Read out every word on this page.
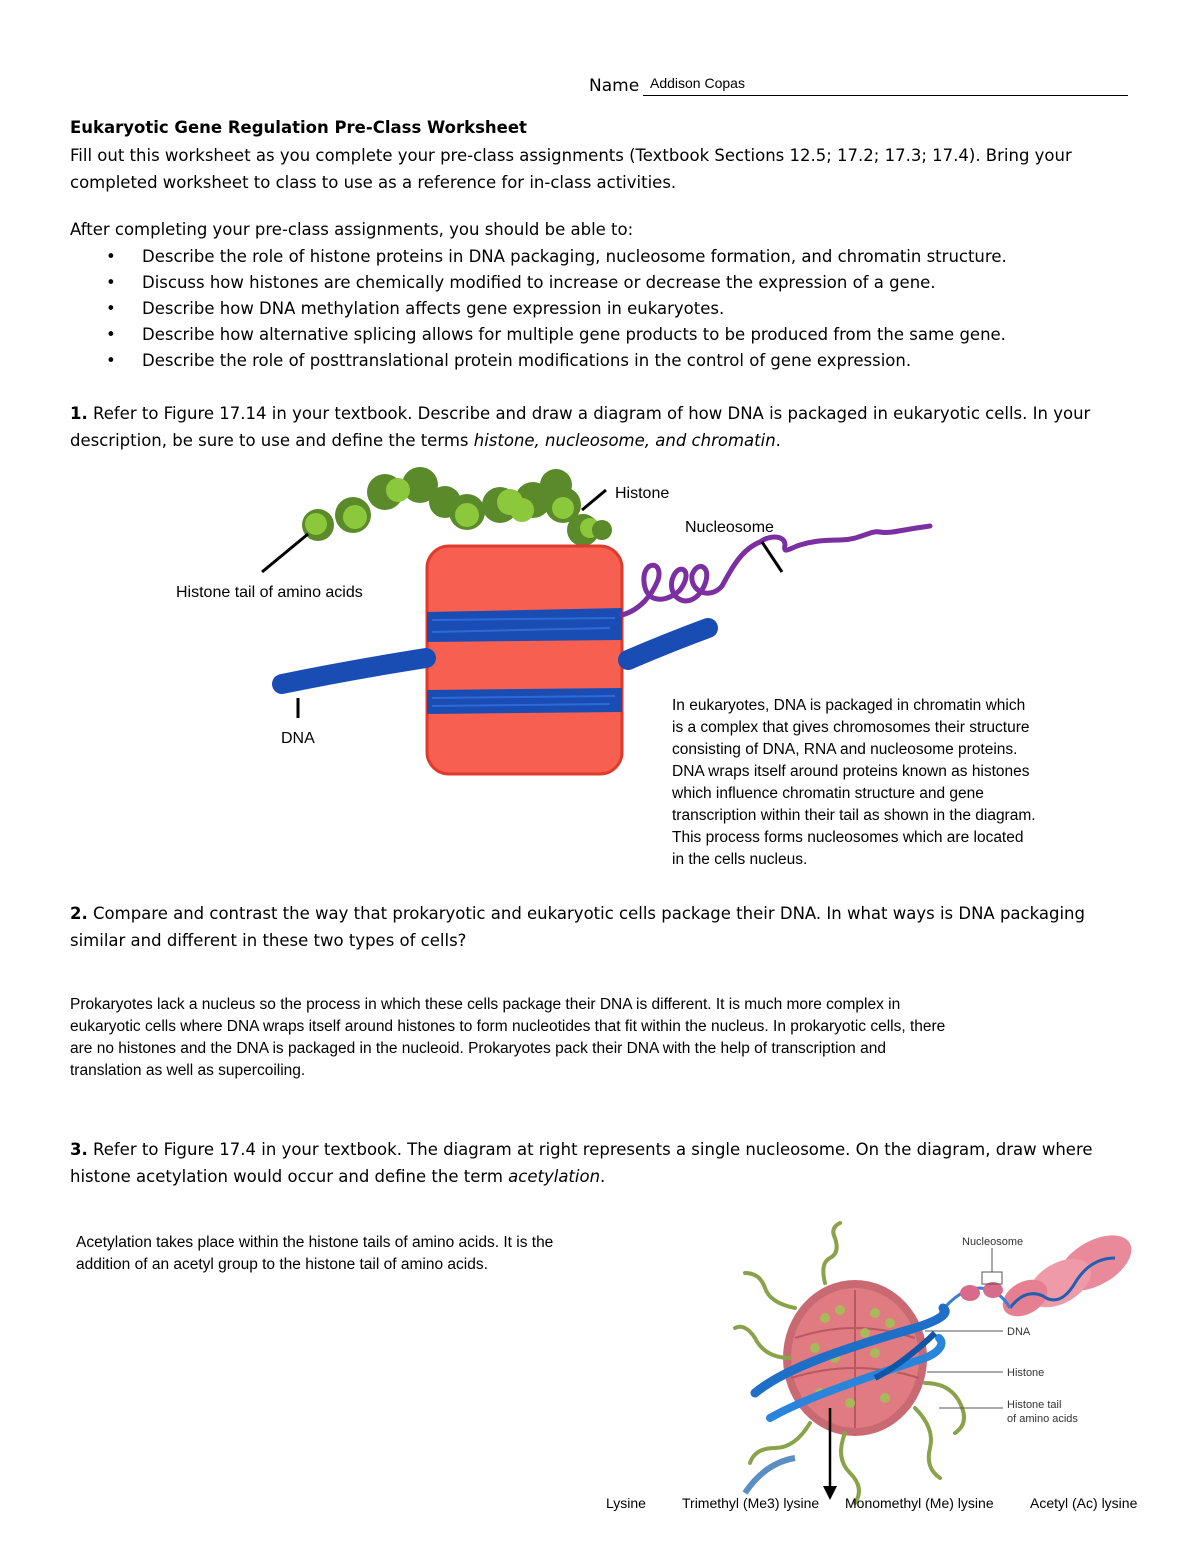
Name Addison Copas
Eukaryotic Gene Regulation Pre-Class Worksheet
Fill out this worksheet as you complete your pre-class assignments (Textbook Sections 12.5; 17.2; 17.3; 17.4). Bring your completed worksheet to class to use as a reference for in-class activities.
After completing your pre-class assignments, you should be able to:
• Describe the role of histone proteins in DNA packaging, nucleosome formation, and chromatin structure.
• Discuss how histones are chemically modified to increase or decrease the expression of a gene.
• Describe how DNA methylation affects gene expression in eukaryotes.
• Describe how alternative splicing allows for multiple gene products to be produced from the same gene.
• Describe the role of posttranslational protein modifications in the control of gene expression.
1. Refer to Figure 17.14 in your textbook. Describe and draw a diagram of how DNA is packaged in eukaryotic cells. In your description, be sure to use and define the terms histone, nucleosome, and chromatin.
Histone
Nucleosome
Histone tail of amino acids
DNA
In eukaryotes, DNA is packaged in chromatin which
is a complex that gives chromosomes their structure
consisting of DNA, RNA and nucleosome proteins.
DNA wraps itself around proteins known as histones
which influence chromatin structure and gene
transcription within their tail as shown in the diagram.
This process forms nucleosomes which are located
in the cells nucleus.
2. Compare and contrast the way that prokaryotic and eukaryotic cells package their DNA. In what ways is DNA packaging similar and different in these two types of cells?
Prokaryotes lack a nucleus so the process in which these cells package their DNA is different. It is much more complex in
eukaryotic cells where DNA wraps itself around histones to form nucleotides that fit within the nucleus. In prokaryotic cells, there
are no histones and the DNA is packaged in the nucleoid. Prokaryotes pack their DNA with the help of transcription and
translation as well as supercoiling.
3. Refer to Figure 17.4 in your textbook. The diagram at right represents a single nucleosome. On the diagram, draw where histone acetylation would occur and define the term acetylation.
Acetylation takes place within the histone tails of amino acids. It is the
addition of an acetyl group to the histone tail of amino acids.
Nucleosome
DNA
Histone
Histone tail
of amino acids
Lysine	Trimethyl (Me3) lysine Monomethyl (Me) lysine	Acetyl (Ac) lysine
